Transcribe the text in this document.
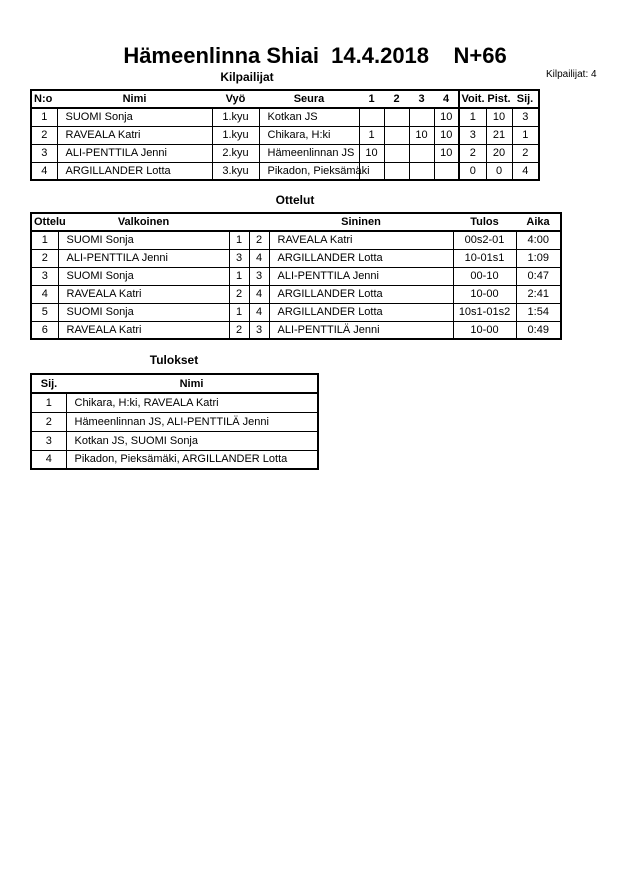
Hämeenlinna Shiai  14.4.2018    N+66
Kilpailijat: 4
Kilpailijat
N:o	Nimi	Vyö	Seura	1	2	3	4	Voit.	Pist.	Sij.
1	SUOMI Sonja	1.kyu	Kotkan JS				10	1	10	3
2	RAVEALA Katri	1.kyu	Chikara, H:ki	1		10	10	3	21	1
3	ALI-PENTTILA Jenni	2.kyu	Hämeenlinnan JS	10			10	2	20	2
4	ARGILLANDER Lotta	3.kyu	Pikadon, Pieksämäki					0	0	4
Ottelut
Ottelu	Valkoinen			Sininen	Tulos	Aika
1	SUOMI Sonja	1	2	RAVEALA Katri	00s2-01	4:00
2	ALI-PENTTILA Jenni	3	4	ARGILLANDER Lotta	10-01s1	1:09
3	SUOMI Sonja	1	3	ALI-PENTTILA Jenni	00-10	0:47
4	RAVEALA Katri	2	4	ARGILLANDER Lotta	10-00	2:41
5	SUOMI Sonja	1	4	ARGILLANDER Lotta	10s1-01s2	1:54
6	RAVEALA Katri	2	3	ALI-PENTTILÄ Jenni	10-00	0:49
Tulokset
Sij.	Nimi
1	Chikara, H:ki, RAVEALA Katri
2	Hämeenlinnan JS, ALI-PENTTILÄ Jenni
3	Kotkan JS, SUOMI Sonja
4	Pikadon, Pieksämäki, ARGILLANDER Lotta
